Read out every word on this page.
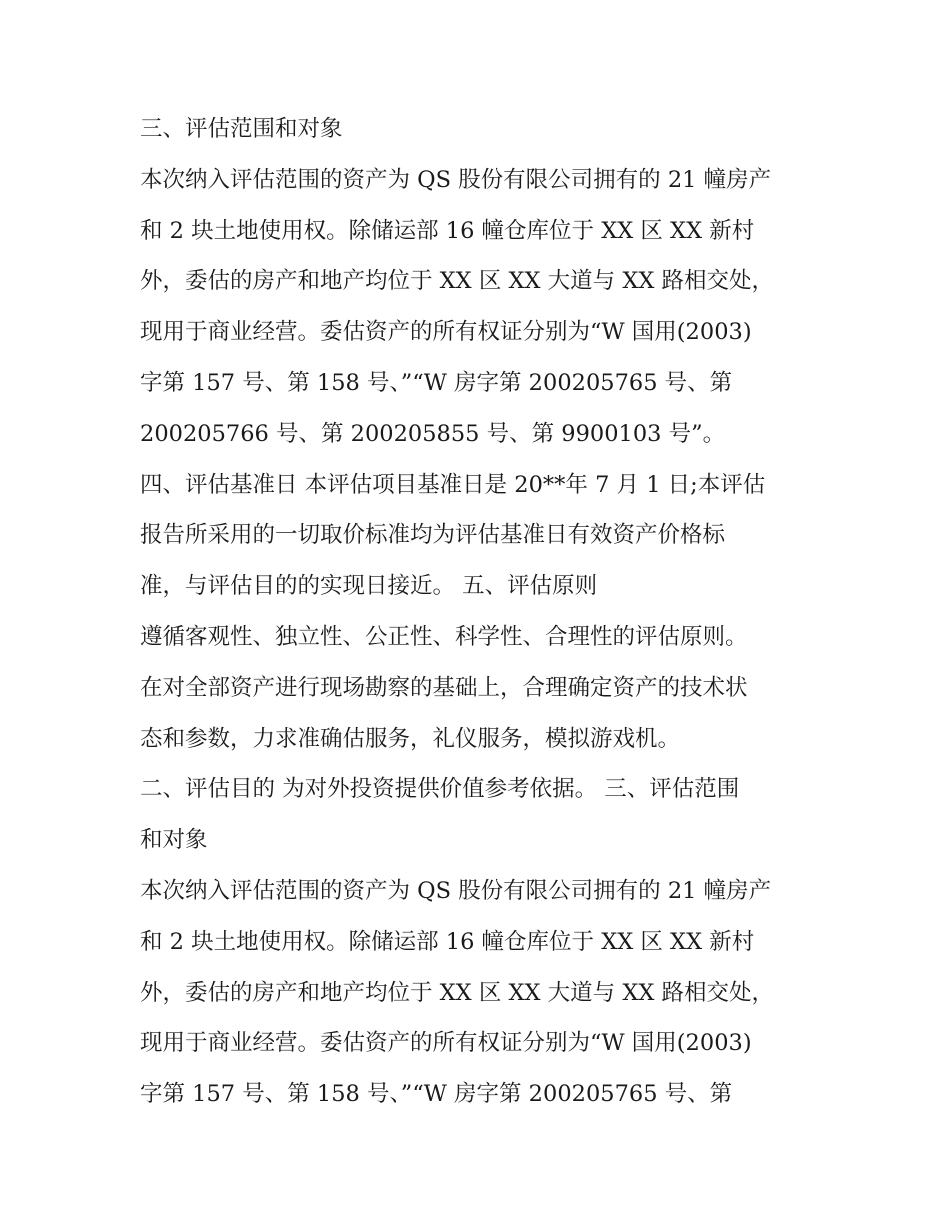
三、评估范围和对象
本次纳入评估范围的资产为 QS 股份有限公司拥有的 21 幢房产
和 2 块土地使用权。除储运部 16 幢仓库位于 XX 区 XX 新村
外，委估的房产和地产均位于 XX 区 XX 大道与 XX 路相交处，
现用于商业经营。委估资产的所有权证分别为“W 国用(2003)
字第 157 号、第 158 号、”“W 房字第 200205765 号、第
200205766 号、第 200205855 号、第 9900103 号”。
四、评估基准日 本评估项目基准日是 20**年 7 月 1 日;本评估
报告所采用的一切取价标准均为评估基准日有效资产价格标
准，与评估目的的实现日接近。 五、评估原则
遵循客观性、独立性、公正性、科学性、合理性的评估原则。
在对全部资产进行现场勘察的基础上，合理确定资产的技术状
态和参数，力求准确估服务，礼仪服务，模拟游戏机。
二、评估目的 为对外投资提供价值参考依据。 三、评估范围
和对象
本次纳入评估范围的资产为 QS 股份有限公司拥有的 21 幢房产
和 2 块土地使用权。除储运部 16 幢仓库位于 XX 区 XX 新村
外，委估的房产和地产均位于 XX 区 XX 大道与 XX 路相交处，
现用于商业经营。委估资产的所有权证分别为“W 国用(2003)
字第 157 号、第 158 号、”“W 房字第 200205765 号、第
